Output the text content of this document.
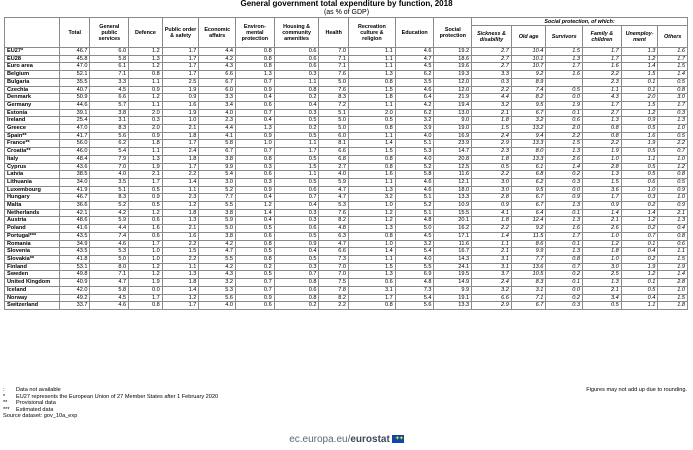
General government total expenditure by function, 2018
(as % of GDP)
	Total	General public services	Defence	Public order & safety	Economic affairs	Environ-mental protection	Housing & community amenities	Health	Recreation culture & religion	Education	Social protection	Social protection, of which:					
												Sickness & disability	Old age	Survivors	Family & children	Unemploy-ment	Others
EU27*	46.7	6.0	1.2	1.7	4.4	0.8	0.6	7.0	1.1	4.6	19.2	2.7	10.4	1.5	1.7	1.3	1.6
EU28	45.8	5.8	1.3	1.7	4.2	0.8	0.6	7.1	1.1	4.7	18.6	2.7	10.1	1.3	1.7	1.2	1.7
Euro area	47.0	6.1	1.2	1.7	4.3	0.8	0.6	7.1	1.1	4.5	19.6	2.7	10.7	1.7	1.6	1.4	1.5
Belgium	52.1	7.1	0.8	1.7	6.6	1.3	0.3	7.6	1.3	6.2	19.3	3.3	9.2	1.6	2.2	1.5	1.4
Bulgaria	35.5	3.3	1.1	2.5	6.7	0.7	1.1	5.0	0.8	3.5	12.0	0.3	8.9		2.3	0.1	0.5
Czechia	40.7	4.5	0.9	1.9	6.0	0.9	0.8	7.6	1.5	4.6	12.0	2.2	7.4	0.5	1.1	0.1	0.8
Denmark	50.9	6.6	1.2	0.9	3.3	0.4	0.2	8.3	1.8	6.4	21.9	4.4	8.2	0.0	4.3	2.0	3.0
Germany	44.6	5.7	1.1	1.6	3.4	0.6	0.4	7.2	1.1	4.2	19.4	3.2	9.5	1.9	1.7	1.5	1.7
Estonia	39.1	3.8	2.0	1.9	4.0	0.7	0.3	5.1	2.0	6.2	13.0	2.1	6.7	0.1	2.7	1.2	0.3
Ireland	25.4	3.1	0.3	1.0	2.3	0.4	0.5	5.0	0.5	3.2	9.0	1.8	3.2	0.6	1.3	0.9	1.3
Greece	47.0	8.3	2.0	2.1	4.4	1.3	0.2	5.0	0.8	3.9	19.0	1.5	13.2	2.0	0.8	0.5	1.0
Spain**	41.7	5.6	0.9	1.8	4.1	0.9	0.5	6.0	1.1	4.0	16.9	2.4	9.4	2.2	0.8	1.6	0.5
France**	56.0	6.2	1.8	1.7	5.8	1.0	1.1	8.1	1.4	5.1	23.9	2.9	13.3	1.5	2.2	1.9	2.2
Croatia**	46.0	5.4	1.1	2.4	6.7	0.7	1.7	6.6	1.5	5.3	14.7	2.3	8.0	1.3	1.9	0.5	0.7
Italy	48.4	7.9	1.3	1.8	3.8	0.8	0.5	6.8	0.8	4.0	20.8	1.8	13.3	2.6	1.0	1.1	1.0
Cyprus	43.6	7.0	1.9	1.7	9.9	0.3	1.5	2.7	0.8	5.2	12.5	0.5	6.1	1.4	2.8	0.5	1.2
Latvia	38.5	4.0	2.1	2.2	5.4	0.6	1.1	4.0	1.6	5.8	11.6	2.2	6.8	0.2	1.3	0.5	0.8
Lithuania	34.0	3.5	1.7	1.4	3.0	0.3	0.5	5.9	1.1	4.6	12.1	3.0	6.2	0.3	1.5	0.6	0.5
Luxembourg	41.9	5.1	0.5	1.1	5.2	0.9	0.6	4.7	1.3	4.6	18.0	3.0	9.5	0.0	3.6	1.0	0.9
Hungary	46.7	8.3	0.9	2.3	7.7	0.4	0.7	4.7	3.2	5.1	13.3	2.8	6.7	0.9	1.7	0.3	1.0
Malta	36.6	5.2	0.5	1.2	5.5	1.2	0.4	5.3	1.0	5.2	10.9	0.9	6.7	1.3	0.9	0.2	0.9
Netherlands	42.1	4.2	1.2	1.8	3.8	1.4	0.3	7.6	1.2	5.1	15.5	4.1	6.4	0.1	1.4	1.4	2.1
Austria	48.6	5.9	0.6	1.3	5.9	0.4	0.3	8.2	1.2	4.8	20.1	1.8	12.4	1.3	2.1	1.2	1.3
Poland	41.6	4.4	1.6	2.1	5.0	0.5	0.6	4.8	1.3	5.0	16.2	2.2	9.2	1.6	2.6	0.2	0.4
Portugal***	43.5	7.4	0.6	1.6	3.8	0.6	0.5	6.3	0.8	4.5	17.1	1.4	11.5	1.7	1.0	0.7	0.8
Romania	34.9	4.6	1.7	2.2	4.2	0.8	0.9	4.7	1.0	3.2	11.6	1.1	8.6	0.1	1.2	0.1	0.6
Slovenia	43.5	5.3	1.0	1.5	4.7	0.5	0.4	6.6	1.4	5.4	16.7	2.1	9.9	1.3	1.8	0.4	1.1
Slovakia**	41.8	5.0	1.0	2.2	5.5	0.8	0.5	7.3	1.1	4.0	14.3	3.1	7.7	0.8	1.0	0.2	1.5
Finland	53.1	8.0	1.2	1.1	4.2	0.2	0.3	7.0	1.5	5.5	24.1	3.1	13.6	0.7	3.0	1.9	1.9
Sweden	49.8	7.1	1.2	1.3	4.3	0.5	0.7	7.0	1.3	6.9	19.5	3.7	10.5	0.2	2.5	1.2	1.4
United Kingdom	40.9	4.7	1.9	1.8	3.2	0.7	0.8	7.5	0.6	4.8	14.9	2.4	8.3	0.1	1.3	0.1	2.8
Iceland	42.0	5.8	0.0	1.4	5.3	0.7	0.6	7.8	3.1	7.3	9.9	3.2	3.1	0.0	2.1	0.5	1.0
Norway	49.2	4.5	1.7	1.2	5.6	0.9	0.8	8.2	1.7	5.4	19.1	6.6	7.1	0.2	3.4	0.4	1.5
Switzerland	33.7	4.6	0.8	1.7	4.0	0.6	0.2	2.2	0.8	5.6	13.3	2.9	6.7	0.3	0.5	1.1	1.8
: Data not available
* EU27 represents the European Union of 27 Member States after 1 February 2020
** Provisional data
*** Estimated data
Source dataset: gov_10a_exp
Figures may not add up due to rounding.
ec.europa.eu/eurostat ✦✦
